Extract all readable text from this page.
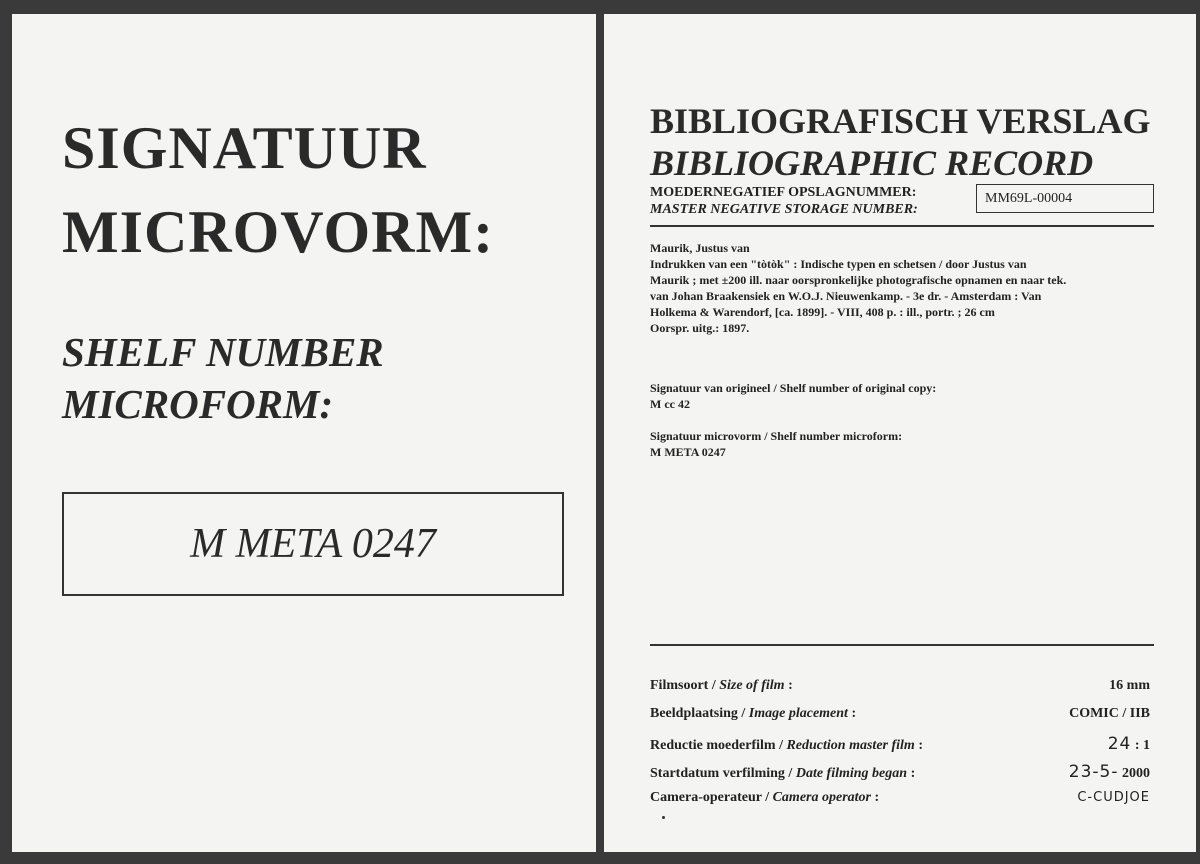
SIGNATUUR
MICROVORM:
SHELF NUMBER
MICROFORM:
M META 0247
BIBLIOGRAFISCH VERSLAG
BIBLIOGRAPHIC RECORD
MOEDERNEGATIEF OPSLAGNUMMER:
MASTER NEGATIVE STORAGE NUMBER:
MM69L-00004
Maurik, Justus van
Indrukken van een "tòtòk" : Indische typen en schetsen / door Justus van
Maurik ; met ±200 ill. naar oorspronkelijke photografische opnamen en naar tek.
van Johan Braakensiek en W.O.J. Nieuwenkamp. - 3e dr. - Amsterdam : Van
Holkema & Warendorf, [ca. 1899]. - VIII, 408 p. : ill., portr. ; 26 cm
Oorspr. uitg.: 1897.
Signatuur van origineel / Shelf number of original copy:
M cc 42
Signatuur microvorm / Shelf number microform:
M META 0247
Filmsoort / Size of film :	16 mm
Beeldplaatsing / Image placement :	COMIC / IIB
Reductie moederfilm / Reduction master film :	24 : 1
Startdatum verfilming / Date filming began :	23-5- 2000
Camera-operateur / Camera operator :	C-CUDJOE
